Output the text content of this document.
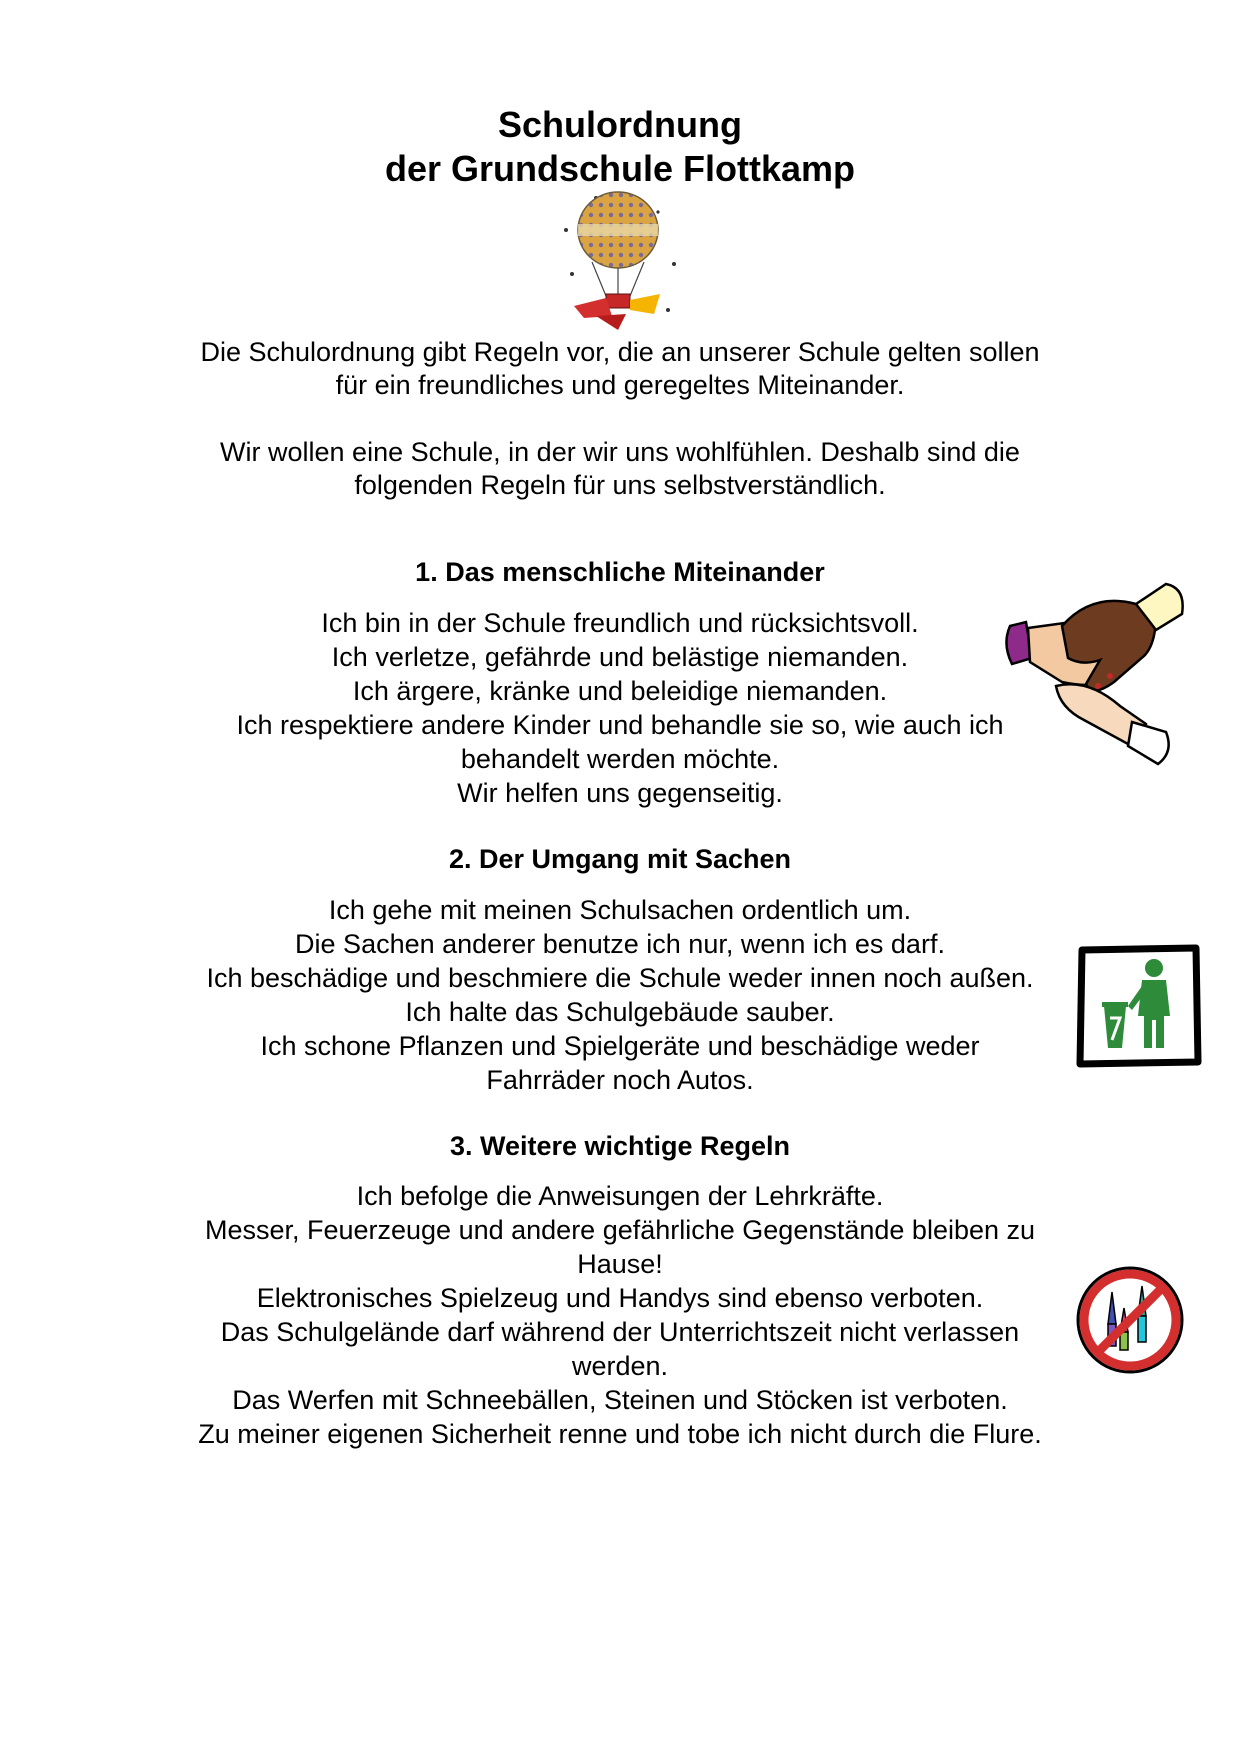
Schulordnung
der Grundschule Flottkamp
Die Schulordnung gibt Regeln vor, die an unserer Schule gelten sollen
für ein freundliches und geregeltes Miteinander.
Wir wollen eine Schule, in der wir uns wohlfühlen. Deshalb sind die
folgenden Regeln für uns selbstverständlich.
1. Das menschliche Miteinander
Ich bin in der Schule freundlich und rücksichtsvoll.
Ich verletze, gefährde und belästige niemanden.
Ich ärgere, kränke und beleidige niemanden.
Ich respektiere andere Kinder und behandle sie so, wie auch ich
behandelt werden möchte.
Wir helfen uns gegenseitig.
2. Der Umgang mit Sachen
Ich gehe mit meinen Schulsachen ordentlich um.
Die Sachen anderer benutze ich nur, wenn ich es darf.
Ich beschädige und beschmiere die Schule weder innen noch außen.
Ich halte das Schulgebäude sauber.
Ich schone Pflanzen und Spielgeräte und beschädige weder
Fahrräder noch Autos.
3. Weitere wichtige Regeln
Ich befolge die Anweisungen der Lehrkräfte.
Messer, Feuerzeuge und andere gefährliche Gegenstände bleiben zu
Hause!
Elektronisches Spielzeug und Handys sind ebenso verboten.
Das Schulgelände darf während der Unterrichtszeit nicht verlassen
werden.
Das Werfen mit Schneebällen, Steinen und Stöcken ist verboten.
Zu meiner eigenen Sicherheit renne und tobe ich nicht durch die Flure.
